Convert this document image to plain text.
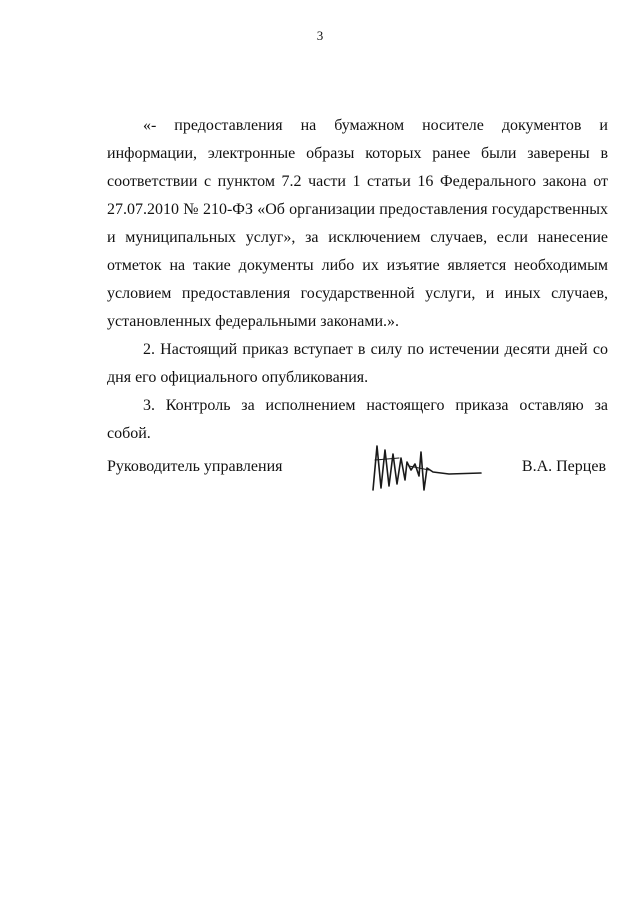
3

«- предоставления на бумажном носителе документов и информации, электронные образы которых ранее были заверены в соответствии с пунктом 7.2 части 1 статьи 16 Федерального закона от 27.07.2010 № 210-ФЗ «Об организации предоставления государственных и муниципальных услуг», за исключением случаев, если нанесение отметок на такие документы либо их изъятие является необходимым условием предоставления государственной услуги, и иных случаев, установленных федеральными законами.».

2. Настоящий приказ вступает в силу по истечении десяти дней со дня его официального опубликования.

3. Контроль за исполнением настоящего приказа оставляю за собой.

Руководитель управления	В.А. Перцев
